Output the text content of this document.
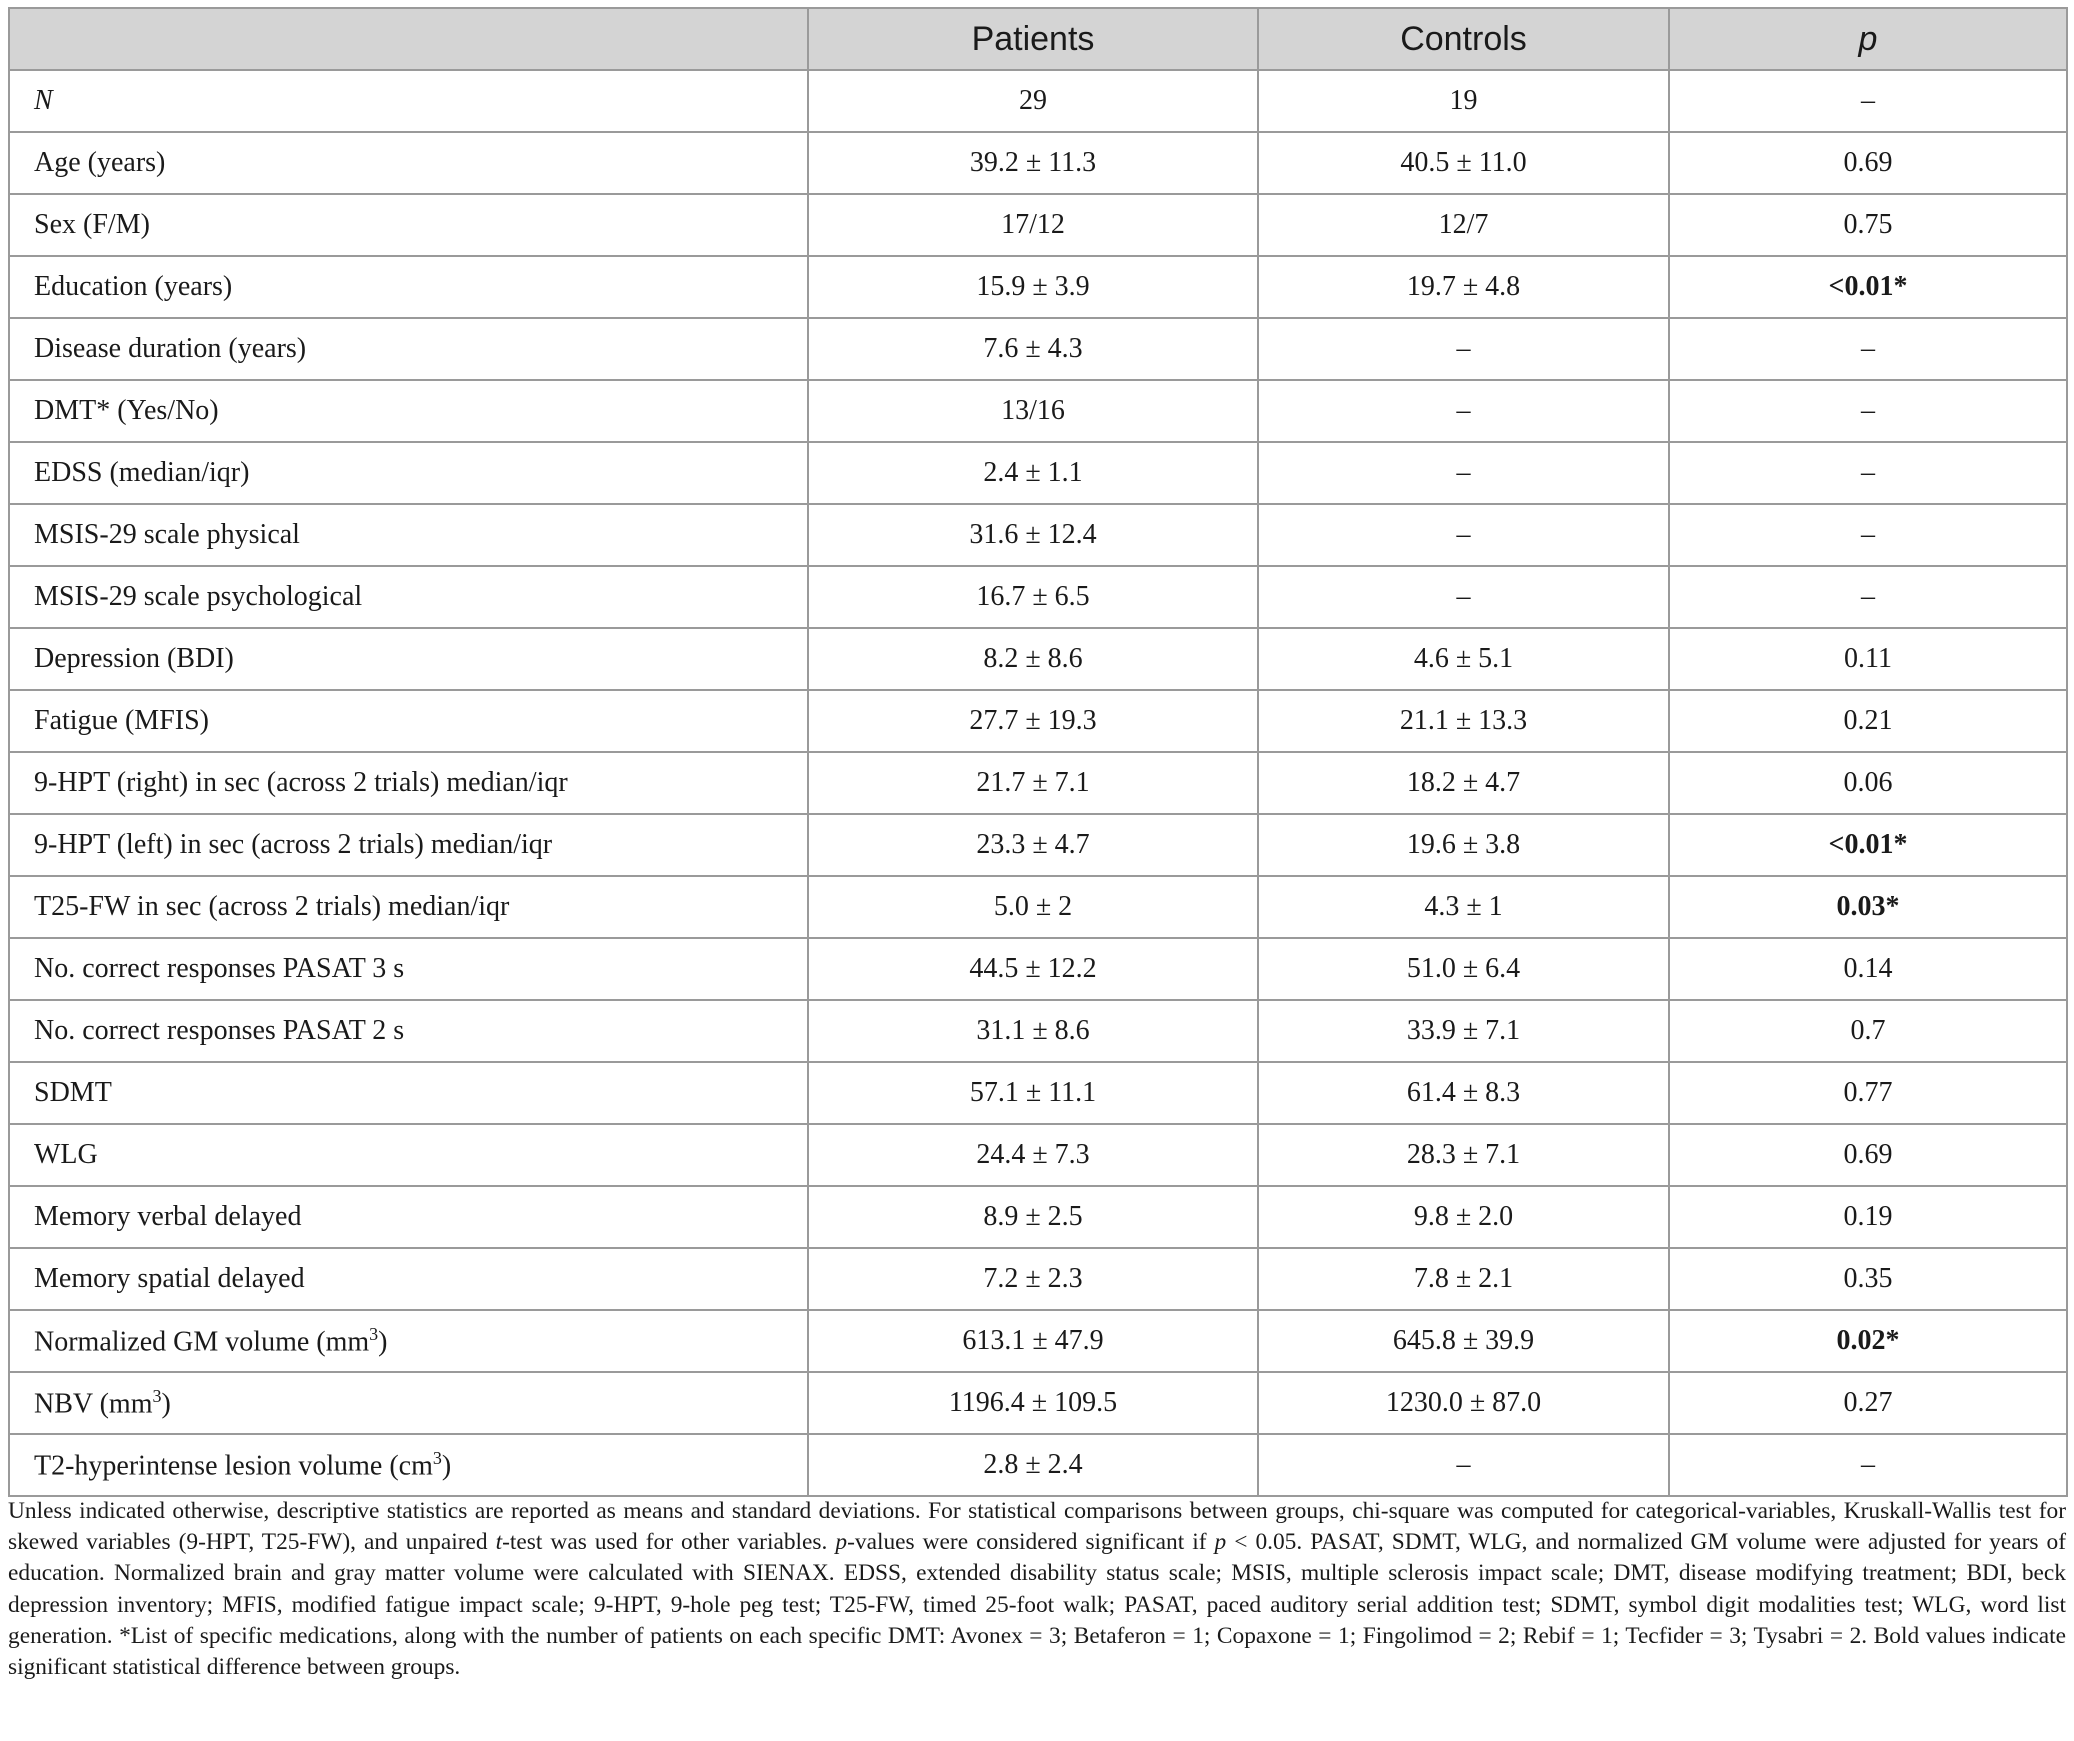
	Patients	Controls	p
N	29	19	–
Age (years)	39.2 ± 11.3	40.5 ± 11.0	0.69
Sex (F/M)	17/12	12/7	0.75
Education (years)	15.9 ± 3.9	19.7 ± 4.8	<0.01*
Disease duration (years)	7.6 ± 4.3	–	–
DMT* (Yes/No)	13/16	–	–
EDSS (median/iqr)	2.4 ± 1.1	–	–
MSIS-29 scale physical	31.6 ± 12.4	–	–
MSIS-29 scale psychological	16.7 ± 6.5	–	–
Depression (BDI)	8.2 ± 8.6	4.6 ± 5.1	0.11
Fatigue (MFIS)	27.7 ± 19.3	21.1 ± 13.3	0.21
9-HPT (right) in sec (across 2 trials) median/iqr	21.7 ± 7.1	18.2 ± 4.7	0.06
9-HPT (left) in sec (across 2 trials) median/iqr	23.3 ± 4.7	19.6 ± 3.8	<0.01*
T25-FW in sec (across 2 trials) median/iqr	5.0 ± 2	4.3 ± 1	0.03*
No. correct responses PASAT 3 s	44.5 ± 12.2	51.0 ± 6.4	0.14
No. correct responses PASAT 2 s	31.1 ± 8.6	33.9 ± 7.1	0.7
SDMT	57.1 ± 11.1	61.4 ± 8.3	0.77
WLG	24.4 ± 7.3	28.3 ± 7.1	0.69
Memory verbal delayed	8.9 ± 2.5	9.8 ± 2.0	0.19
Memory spatial delayed	7.2 ± 2.3	7.8 ± 2.1	0.35
Normalized GM volume $(mm^3)$	613.1 ± 47.9	645.8 ± 39.9	0.02*
NBV $(mm^3)$	1196.4 ± 109.5	1230.0 ± 87.0	0.27
T2-hyperintense lesion volume $(cm^3)$	2.8 ± 2.4	–	–

Unless indicated otherwise, descriptive statistics are reported as means and standard deviations. For statistical comparisons between groups, chi-square was computed for categorical-variables, Kruskall-Wallis test for skewed variables (9-HPT, T25-FW), and unpaired t-test was used for other variables. p-values were considered significant if p < 0.05. PASAT, SDMT, WLG, and normalized GM volume were adjusted for years of education. Normalized brain and gray matter volume were calculated with SIENAX. EDSS, extended disability status scale; MSIS, multiple sclerosis impact scale; DMT, disease modifying treatment; BDI, beck depression inventory; MFIS, modified fatigue impact scale; 9-HPT, 9-hole peg test; T25-FW, timed 25-foot walk; PASAT, paced auditory serial addition test; SDMT, symbol digit modalities test; WLG, word list generation. *List of specific medications, along with the number of patients on each specific DMT: Avonex = 3; Betaferon = 1; Copaxone = 1; Fingolimod = 2; Rebif = 1; Tecfider = 3; Tysabri = 2. Bold values indicate significant statistical difference between groups.
